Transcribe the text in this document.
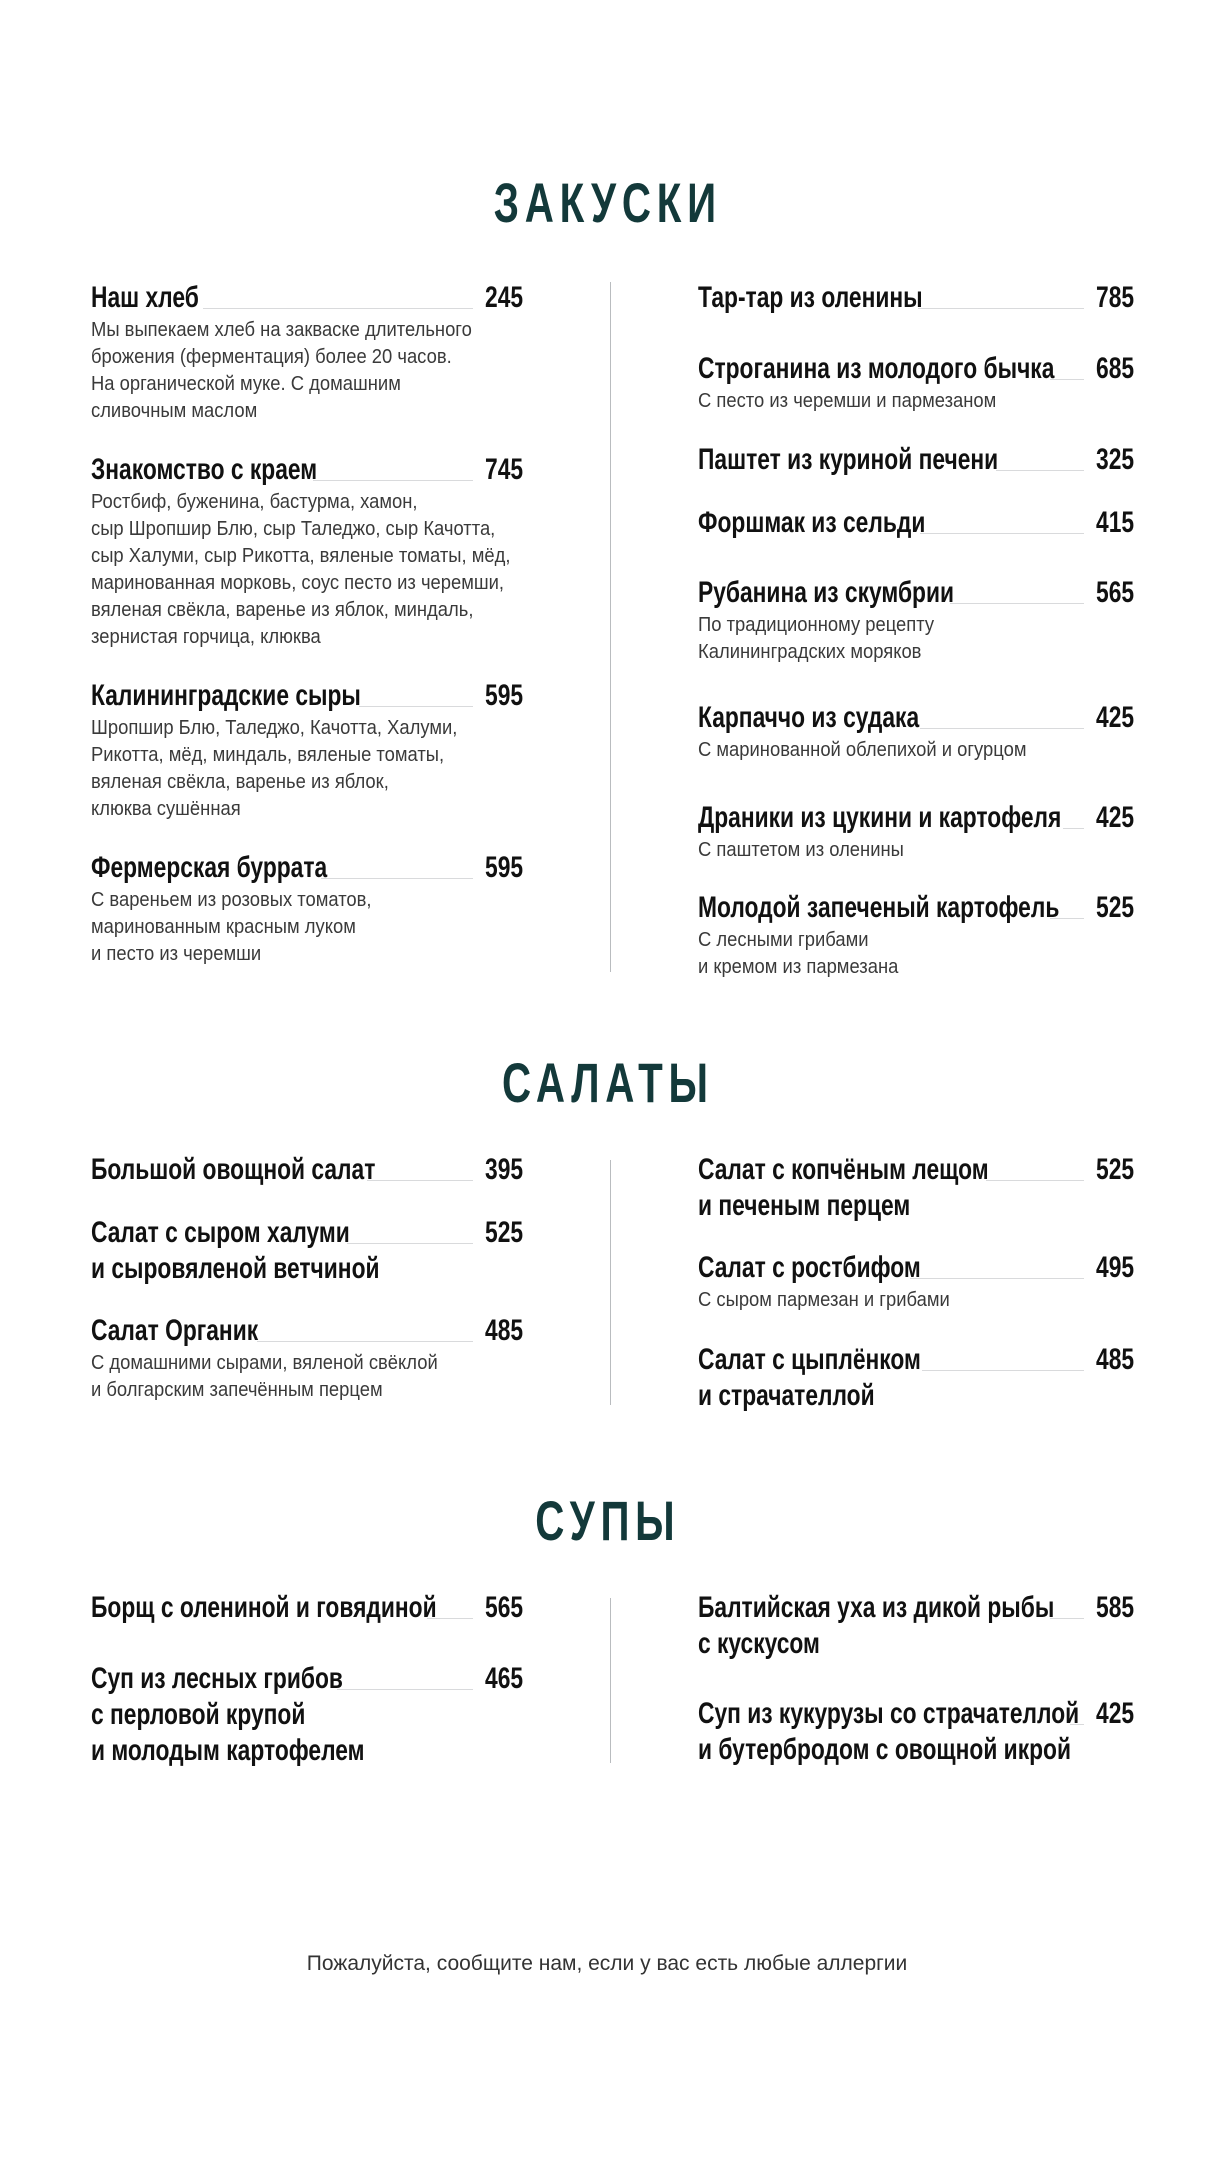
ЗАКУСКИ
Наш хлеб	245
Мы выпекаем хлеб на закваске длительного
брожения (ферментация) более 20 часов.
На органической муке. С домашним
сливочным маслом
Знакомство с краем	745
Ростбиф, буженина, бастурма, хамон,
сыр Шропшир Блю, сыр Таледжо, сыр Качотта,
сыр Халуми, сыр Рикотта, вяленые томаты, мёд,
маринованная морковь, соус песто из черемши,
вяленая свёкла, варенье из яблок, миндаль,
зернистая горчица, клюква
Калининградские сыры	595
Шропшир Блю, Таледжо, Качотта, Халуми,
Рикотта, мёд, миндаль, вяленые томаты,
вяленая свёкла, варенье из яблок,
клюква сушённая
Фермерская буррата	595
С вареньем из розовых томатов,
маринованным красным луком
и песто из черемши
Тар-тар из оленины	785
Строганина из молодого бычка 685
С песто из черемши и пармезаном
Паштет из куриной печени	325
Форшмак из сельди	415
Рубанина из скумбрии	565
По традиционному рецепту
Калининградских моряков
Карпаччо из судака	425
С маринованной облепихой и огурцом
Драники из цукини и картофеля 425
С паштетом из оленины
Молодой запеченый картофель 525
С лесными грибами
и кремом из пармезана
САЛАТЫ
Большой овощной салат	395
Салат с сыром халуми
и сыровяленой ветчиной
525
Салат Органик	485
С домашними сырами, вяленой свёклой
и болгарским запечённым перцем
Салат с копчёным лещом
и печеным перцем
525
Салат с ростбифом	495
С сыром пармезан и грибами
Салат с цыплёнком
и страчателлой
485
СУПЫ
Борщ с олениной и говядиной 565
Суп из лесных грибов
с перловой крупой
и молодым картофелем
465
Балтийская уха из дикой рыбы
с кускусом
585
Суп из кукурузы со страчателлой
и бутербродом с овощной икрой
425
Пожалуйста, сообщите нам, если у вас есть любые аллергии
